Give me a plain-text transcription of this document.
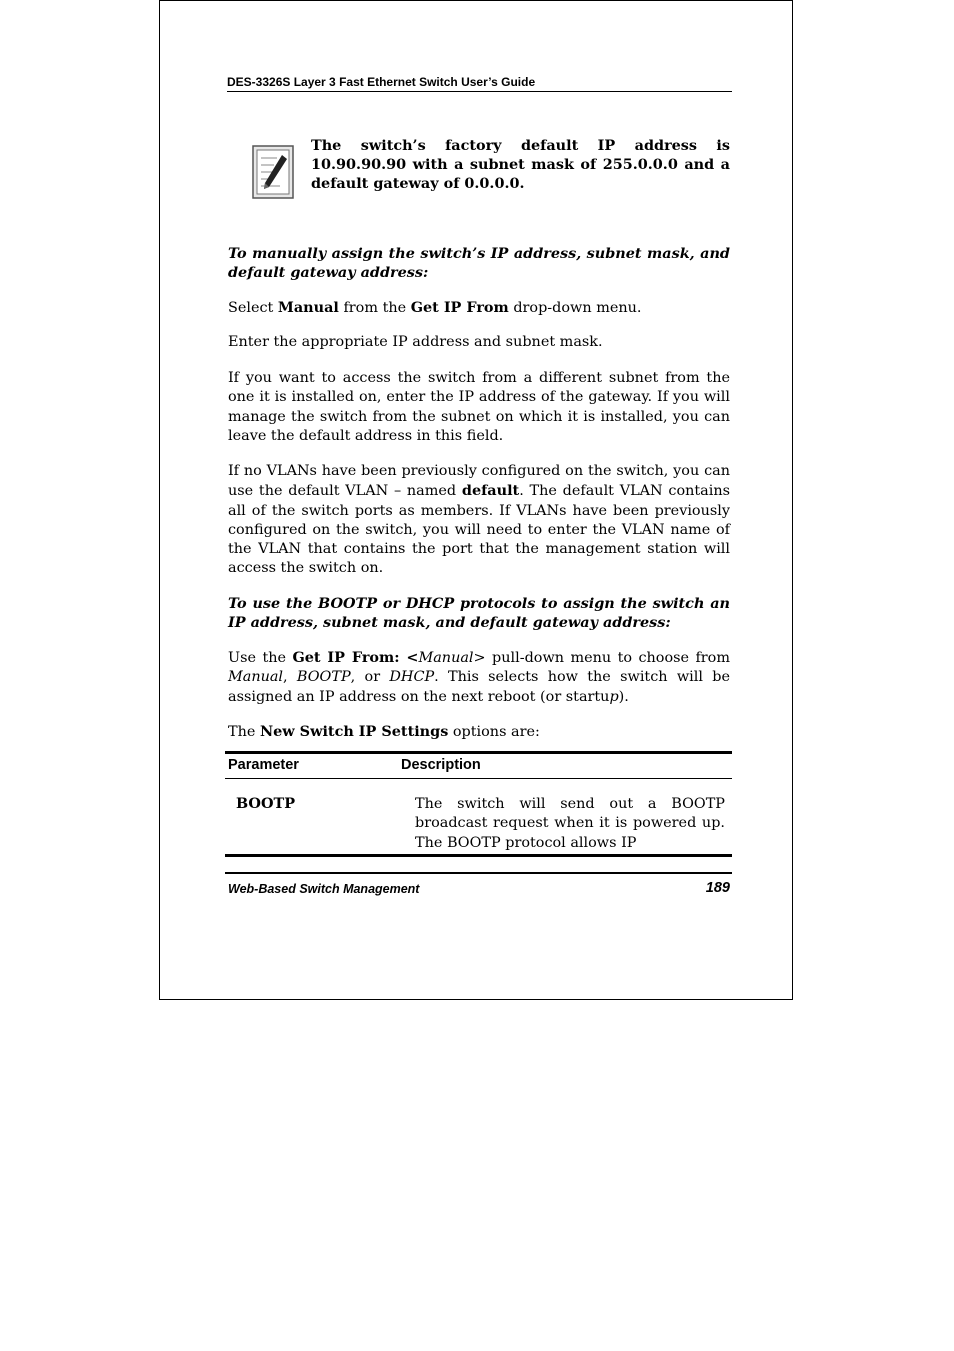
DES-3326S Layer 3 Fast Ethernet Switch User’s Guide
The switch’s factory default IP address is 10.90.90.90 with a subnet mask of 255.0.0.0 and a default gateway of 0.0.0.0.

To manually assign the switch’s IP address, subnet mask, and default gateway address:

Select Manual from the Get IP From drop-down menu.

Enter the appropriate IP address and subnet mask.

If you want to access the switch from a different subnet from the one it is installed on, enter the IP address of the gateway. If you will manage the switch from the subnet on which it is installed, you can leave the default address in this field.

If no VLANs have been previously configured on the switch, you can use the default VLAN – named default. The default VLAN contains all of the switch ports as members. If VLANs have been previously configured on the switch, you will need to enter the VLAN name of the VLAN that contains the port that the management station will access the switch on.

To use the BOOTP or DHCP protocols to assign the switch an IP address, subnet mask, and default gateway address:

Use the Get IP From: <Manual> pull-down menu to choose from Manual, BOOTP, or DHCP. This selects how the switch will be assigned an IP address on the next reboot (or startup).

The New Switch IP Settings options are:

Parameter	Description
BOOTP	The switch will send out a BOOTP broadcast request when it is powered up. The BOOTP protocol allows IP
Web-Based Switch Management	189
